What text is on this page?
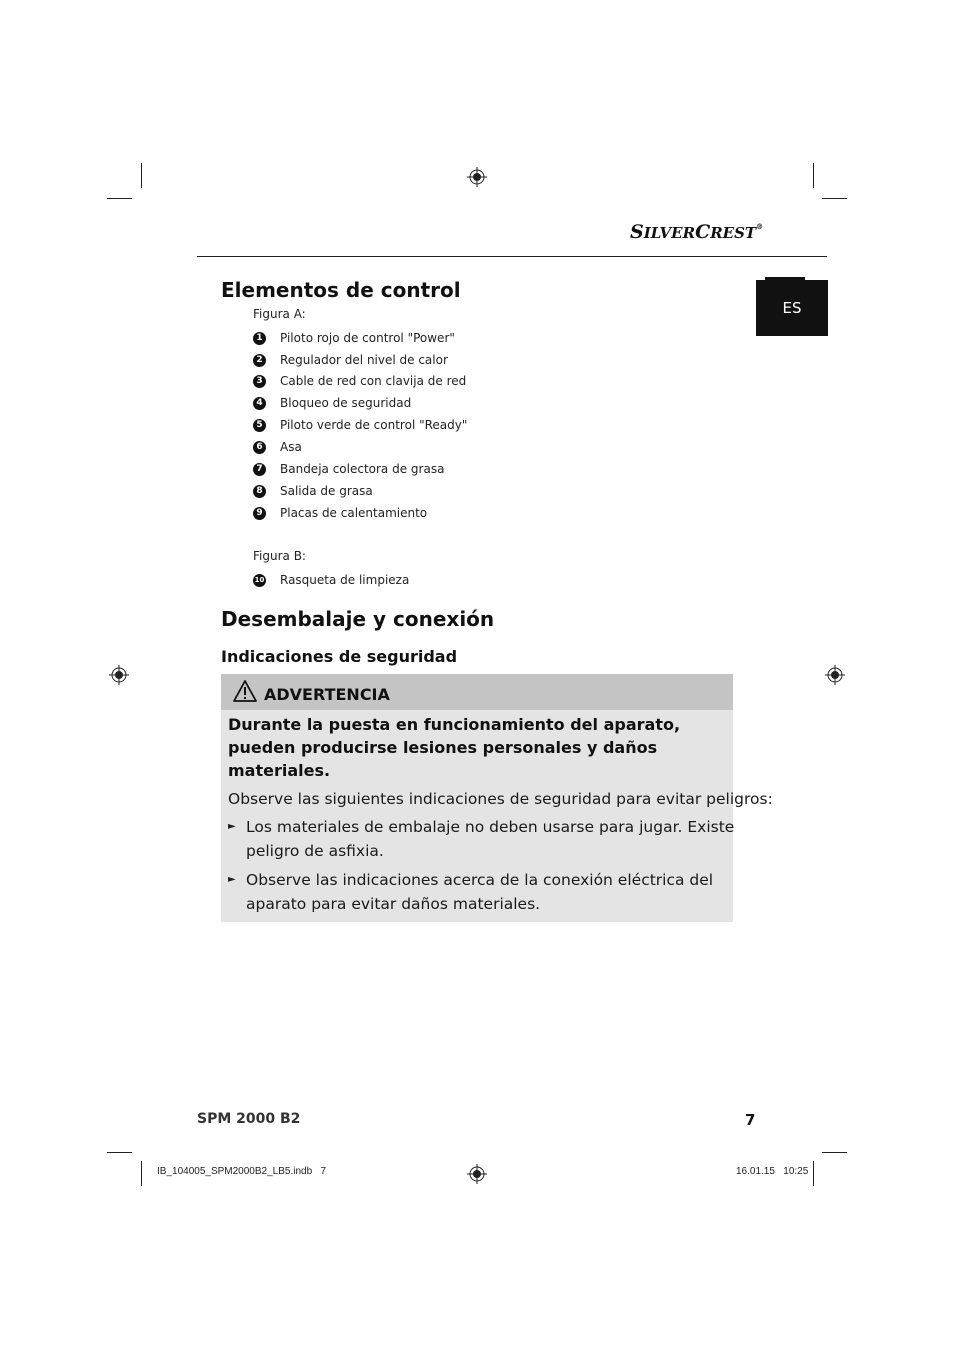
SILVERCREST®
ES
Elementos de control
Figura A:
1 Piloto rojo de control "Power"
2 Regulador del nivel de calor
3 Cable de red con clavija de red
4 Bloqueo de seguridad
5 Piloto verde de control "Ready"
6 Asa
7 Bandeja colectora de grasa
8 Salida de grasa
9 Placas de calentamiento
Figura B:
10 Rasqueta de limpieza
Desembalaje y conexión
Indicaciones de seguridad
ADVERTENCIA
Durante la puesta en funcionamiento del aparato, pueden producirse lesiones personales y daños materiales.
Observe las siguientes indicaciones de seguridad para evitar peligros:
► Los materiales de embalaje no deben usarse para jugar. Existe
peligro de asfixia.
► Observe las indicaciones acerca de la conexión eléctrica del
aparato para evitar daños materiales.
SPM 2000 B2	7
IB_104005_SPM2000B2_LB5.indb   7	16.01.15   10:25
